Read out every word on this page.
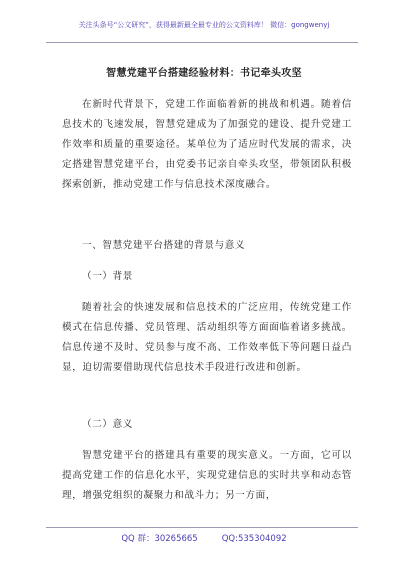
关注头条号“公文研究”，获得最新最全最专业的公文资料库！ 微信：gongwenyj
智慧党建平台搭建经验材料：书记牵头攻坚

在新时代背景下，党建工作面临着新的挑战和机遇。随着信息技术的飞速发展，智慧党建成为了加强党的建设、提升党建工作效率和质量的重要途径。某单位为了适应时代发展的需求，决定搭建智慧党建平台，由党委书记亲自牵头攻坚，带领团队积极探索创新，推动党建工作与信息技术深度融合。

一、智慧党建平台搭建的背景与意义
（一）背景

随着社会的快速发展和信息技术的广泛应用，传统党建工作模式在信息传播、党员管理、活动组织等方面面临着诸多挑战。信息传递不及时、党员参与度不高、工作效率低下等问题日益凸显，迫切需要借助现代信息技术手段进行改进和创新。

（二）意义

智慧党建平台的搭建具有重要的现实意义。一方面，它可以提高党建工作的信息化水平，实现党建信息的实时共享和动态管理，增强党组织的凝聚力和战斗力；另一方面，

QQ 群：30265665	QQ:535304092
